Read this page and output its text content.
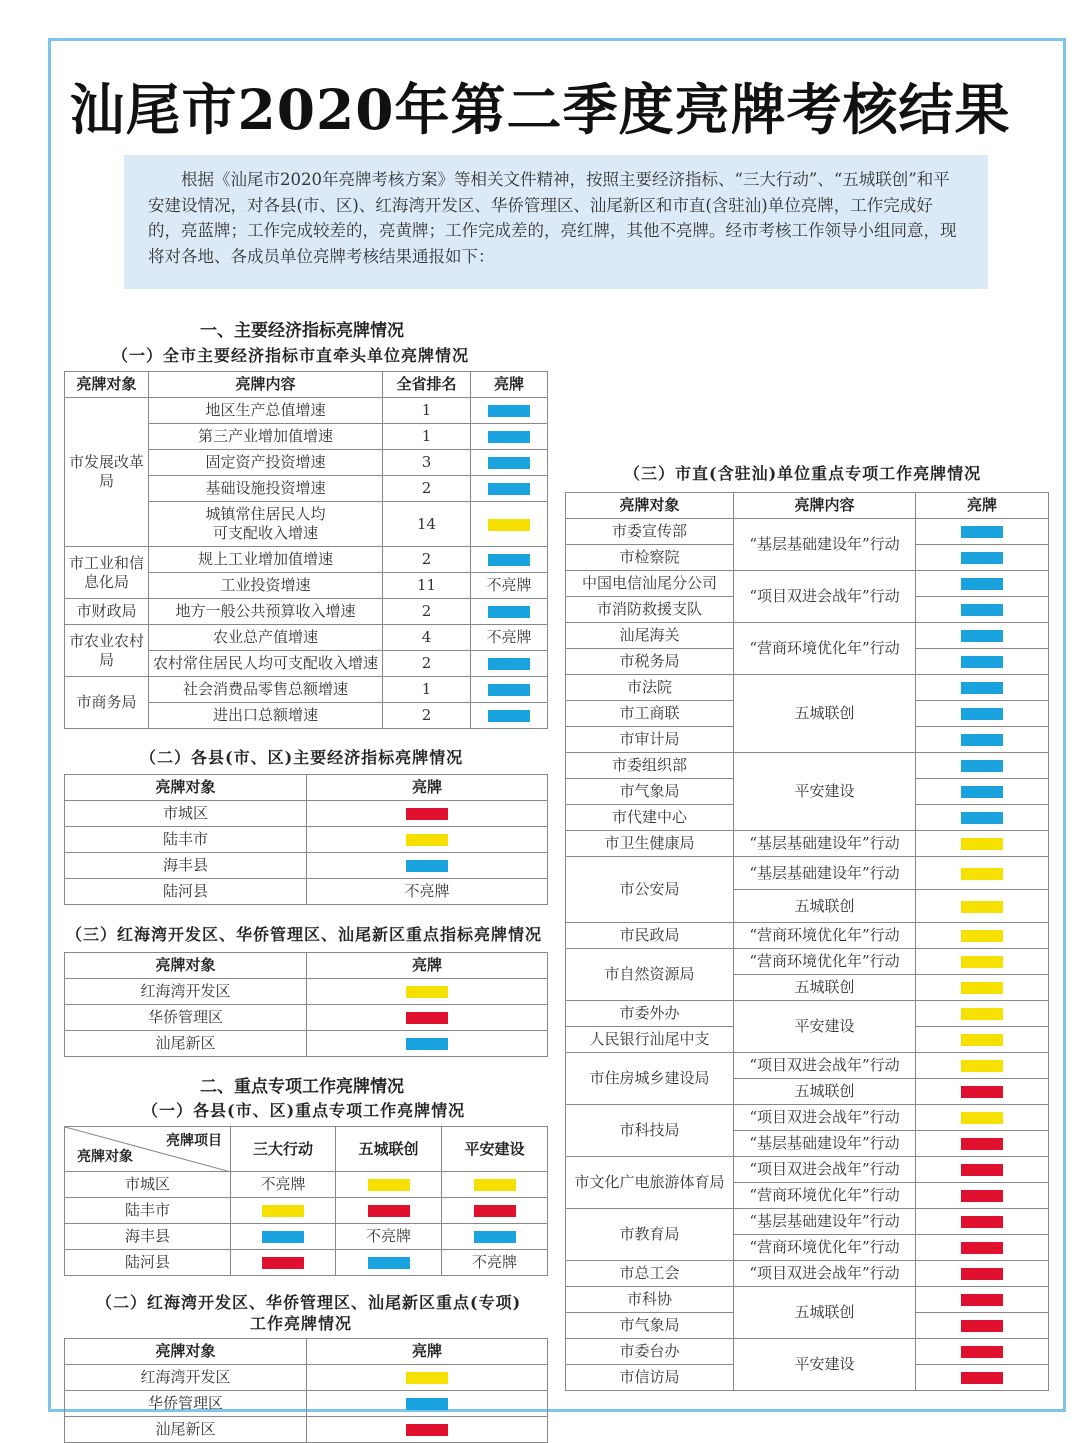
汕尾市2020年第二季度亮牌考核结果

根据《汕尾市2020年亮牌考核方案》等相关文件精神，按照主要经济指标、“三大行动”、“五城联创”和平安建设情况，对各县(市、区)、红海湾开发区、华侨管理区、汕尾新区和市直(含驻汕)单位亮牌，工作完成好的，亮蓝牌；工作完成较差的，亮黄牌；工作完成差的，亮红牌，其他不亮牌。经市考核工作领导小组同意，现将对各地、各成员单位亮牌考核结果通报如下：

一、主要经济指标亮牌情况
（一）全市主要经济指标市直牵头单位亮牌情况
亮牌对象	亮牌内容	全省排名	亮牌
市发展改革局	地区生产总值增速	1	
	第三产业增加值增速	1	
	固定资产投资增速	3	
	基础设施投资增速	2	
	城镇常住居民人均可支配收入增速	14	
市工业和信息化局	规上工业增加值增速	2	
	工业投资增速	11	不亮牌
市财政局	地方一般公共预算收入增速	2	
市农业农村局	农业总产值增速	4	不亮牌
	农村常住居民人均可支配收入增速	2	
市商务局	社会消费品零售总额增速	1	
	进出口总额增速	2	
（二）各县(市、区)主要经济指标亮牌情况
亮牌对象	亮牌
市城区	
陆丰市	
海丰县	
陆河县	不亮牌
（三）红海湾开发区、华侨管理区、汕尾新区重点指标亮牌情况
亮牌对象	亮牌
红海湾开发区	
华侨管理区	
汕尾新区	
二、重点专项工作亮牌情况
（一）各县(市、区)重点专项工作亮牌情况
亮牌项目
亮牌对象	三大行动	五城联创	平安建设
市城区	不亮牌		
陆丰市			
海丰县		不亮牌	
陆河县			不亮牌
（二）红海湾开发区、华侨管理区、汕尾新区重点(专项)
工作亮牌情况
亮牌对象	亮牌
红海湾开发区	
华侨管理区	
汕尾新区	
（三）市直(含驻汕)单位重点专项工作亮牌情况
亮牌对象	亮牌内容	亮牌
市委宣传部	“基层基础建设年”行动	
市检察院		
中国电信汕尾分公司	“项目双进会战年”行动	
市消防救援支队		
汕尾海关	“营商环境优化年”行动	
市税务局		
市法院	五城联创	
市工商联		
市审计局		
市委组织部	平安建设	
市气象局		
市代建中心		
市卫生健康局	“基层基础建设年”行动	
市公安局	“基层基础建设年”行动	
	五城联创	
市民政局	“营商环境优化年”行动	
市自然资源局	“营商环境优化年”行动	
	五城联创	
市委外办	平安建设	
人民银行汕尾中支		
市住房城乡建设局	“项目双进会战年”行动	
	五城联创	
市科技局	“项目双进会战年”行动	
	“基层基础建设年”行动	
市文化广电旅游体育局	“项目双进会战年”行动	
	“营商环境优化年”行动	
市教育局	“基层基础建设年”行动	
	“营商环境优化年”行动	
市总工会	“项目双进会战年”行动	
市科协	五城联创	
市气象局		
市委台办	平安建设	
市信访局		
